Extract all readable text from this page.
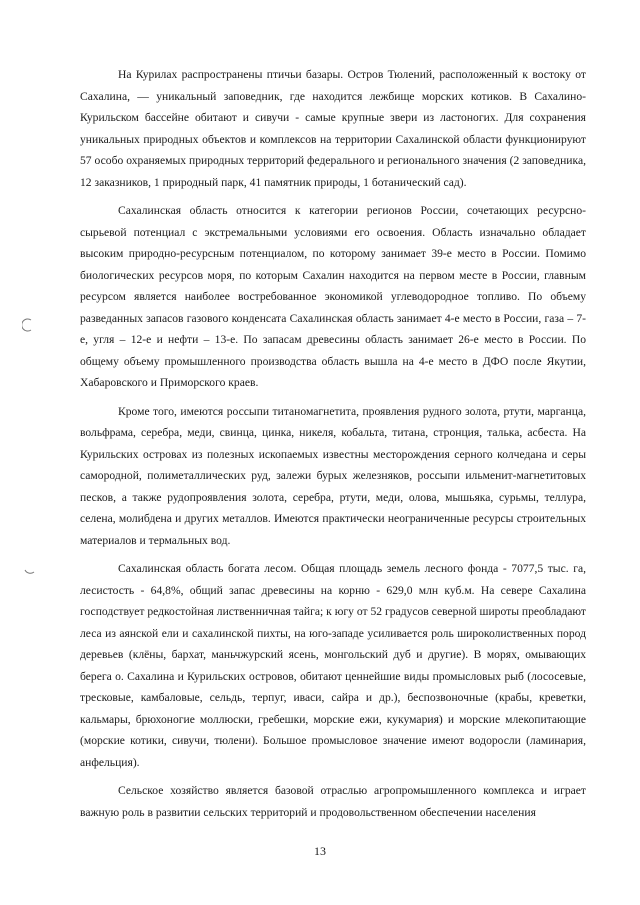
На Курилах распространены птичьи базары. Остров Тюлений, расположенный к востоку от Сахалина, — уникальный заповедник, где находится лежбище морских котиков. В Сахалино-Курильском бассейне обитают и сивучи - самые крупные звери из ластоногих. Для сохранения уникальных природных объектов и комплексов на территории Сахалинской области функционируют 57 особо охраняемых природных территорий федерального и регионального значения (2 заповедника, 12 заказников, 1 природный парк, 41 памятник природы, 1 ботанический сад).

Сахалинская область относится к категории регионов России, сочетающих ресурсно-сырьевой потенциал с экстремальными условиями его освоения. Область изначально обладает высоким природно-ресурсным потенциалом, по которому занимает 39-е место в России. Помимо биологических ресурсов моря, по которым Сахалин находится на первом месте в России, главным ресурсом является наиболее востребованное экономикой углеводородное топливо. По объему разведанных запасов газового конденсата Сахалинская область занимает 4-е место в России, газа – 7-е, угля – 12-е и нефти – 13-е. По запасам древесины область занимает 26-е место в России. По общему объему промышленного производства область вышла на 4-е место в ДФО после Якутии, Хабаровского и Приморского краев.

Кроме того, имеются россыпи титаномагнетита, проявления рудного золота, ртути, марганца, вольфрама, серебра, меди, свинца, цинка, никеля, кобальта, титана, стронция, талька, асбеста. На Курильских островах из полезных ископаемых известны месторождения серного колчедана и серы самородной, полиметаллических руд, залежи бурых железняков, россыпи ильменит-магнетитовых песков, а также рудопроявления золота, серебра, ртути, меди, олова, мышьяка, сурьмы, теллура, селена, молибдена и других металлов. Имеются практически неограниченные ресурсы строительных материалов и термальных вод.

Сахалинская область богата лесом. Общая площадь земель лесного фонда - 7077,5 тыс. га, лесистость - 64,8%, общий запас древесины на корню - 629,0 млн куб.м. На севере Сахалина господствует редкостойная лиственничная тайга; к югу от 52 градусов северной широты преобладают леса из аянской ели и сахалинской пихты, на юго-западе усиливается роль широколиственных пород деревьев (клёны, бархат, маньчжурский ясень, монгольский дуб и другие). В морях, омывающих берега о. Сахалина и Курильских островов, обитают ценнейшие виды промысловых рыб (лососевые, тресковые, камбаловые, сельдь, терпуг, иваси, сайра и др.), беспозвоночные (крабы, креветки, кальмары, брюхоногие моллюски, гребешки, морские ежи, кукумария) и морские млекопитающие (морские котики, сивучи, тюлени). Большое промысловое значение имеют водоросли (ламинария, анфельция).

Сельское хозяйство является базовой отраслью агропромышленного комплекса и играет важную роль в развитии сельских территорий и продовольственном обеспечении населения

13
